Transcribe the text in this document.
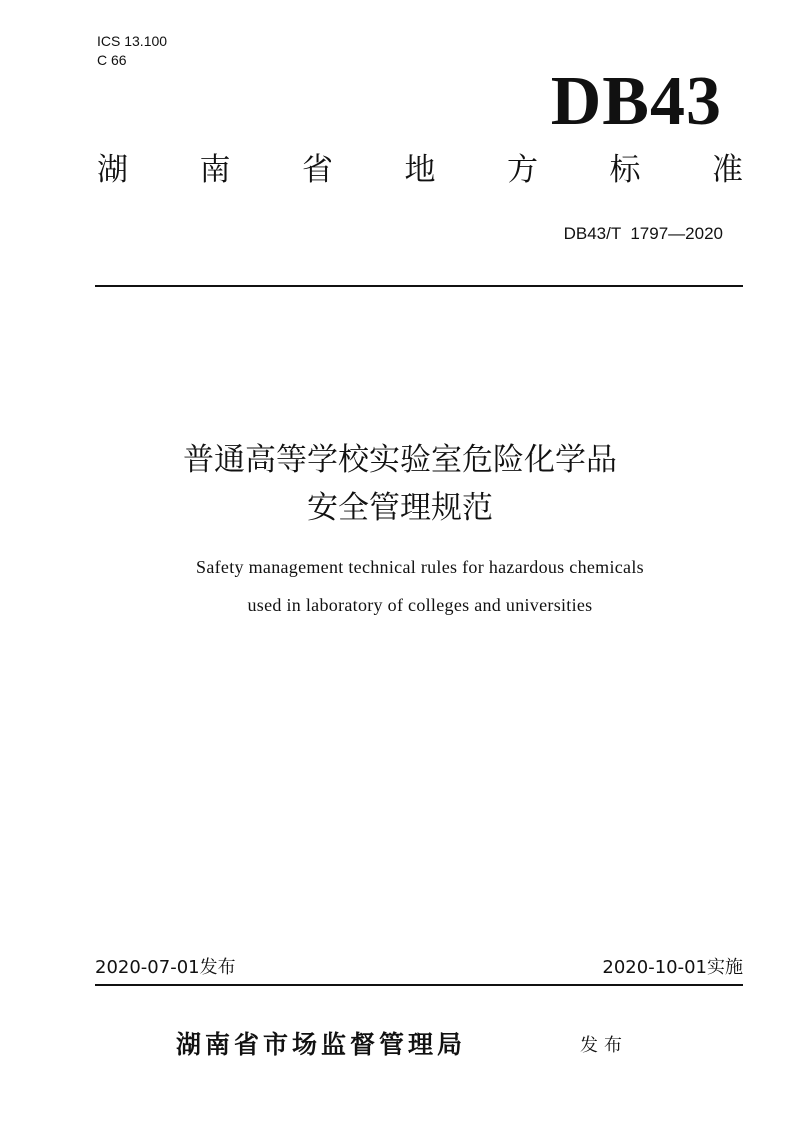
ICS 13.100
C 66
DB43
湖 南 省 地 方 标 准
DB43/T  1797—2020
普通高等学校实验室危险化学品
安全管理规范
Safety management technical rules for hazardous chemicals
used in laboratory of colleges and universities
2020-07-01发布	2020-10-01实施
湖南省市场监督管理局	发布
